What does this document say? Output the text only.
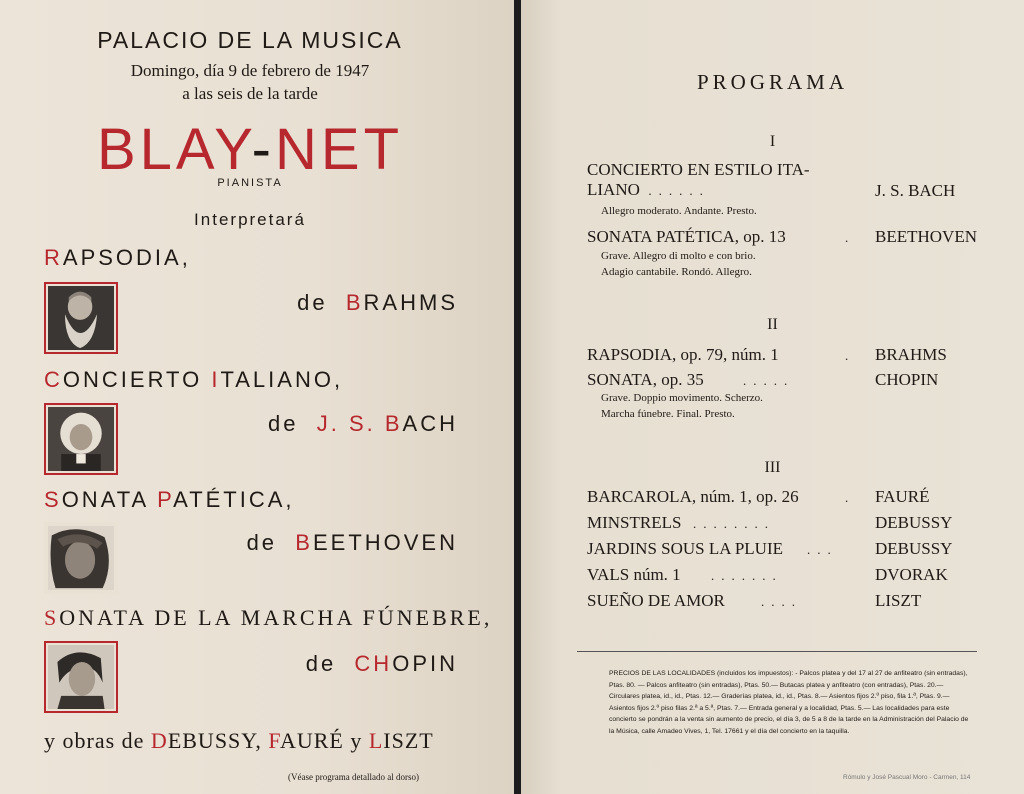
PALACIO DE LA MUSICA
Domingo, día 9 de febrero de 1947
a las seis de la tarde
BLAY-NET
PIANISTA
Interpretará
RAPSODIA,
de BRAHMS
CONCIERTO ITALIANO,
de J. S. BACH
SONATA PATÉTICA,
de BEETHOVEN
SONATA DE LA MARCHA FÚNEBRE,
de CHOPIN
y obras de DEBUSSY, FAURÉ y LISZT
(Véase programa detallado al dorso)
PROGRAMA
I
CONCIERTO EN ESTILO ITA-
LIANO ......	J. S. BACH
Allegro moderato. Andante. Presto.
SONATA PATÉTICA, op. 13	. BEETHOVEN
Grave. Allegro di molto e con brio.
Adagio cantabile. Rondó. Allegro.
II
RAPSODIA, op. 79, núm. 1	. BRAHMS
SONATA, op. 35	.....	CHOPIN
Grave. Doppio movimento. Scherzo.
Marcha fúnebre. Final. Presto.
III
BARCAROLA, núm. 1, op. 26	. FAURÉ
MINSTRELS ........	DEBUSSY
JARDINS SOUS LA PLUIE ... DEBUSSY
VALS núm. 1 .......	DVORAK
SUEÑO DE AMOR	....	LISZT
PRECIOS DE LAS LOCALIDADES (incluidos los impuestos): - Palcos platea y del 17 al 27 de anfiteatro (sin entradas), Ptas. 80. — Palcos anfiteatro (sin entradas), Ptas. 50.— Butacas platea y anfiteatro (con entradas), Ptas. 20.— Circulares platea, id., id., Ptas. 12.— Graderías platea, id., id., Ptas. 8.— Asientos fijos 2.º piso, fila 1.ª, Ptas. 9.— Asientos fijos 2.º piso filas 2.ª a 5.ª, Ptas. 7.— Entrada general y a localidad, Ptas. 5.— Las localidades para este concierto se pondrán a la venta sin aumento de precio, el día 3, de 5 a 8 de la tarde en la Administración del Palacio de la Música, calle Amadeo Vives, 1, Tel. 17661 y el día del concierto en la taquilla.
Rómulo y José Pascual Moro - Carmen, 114
